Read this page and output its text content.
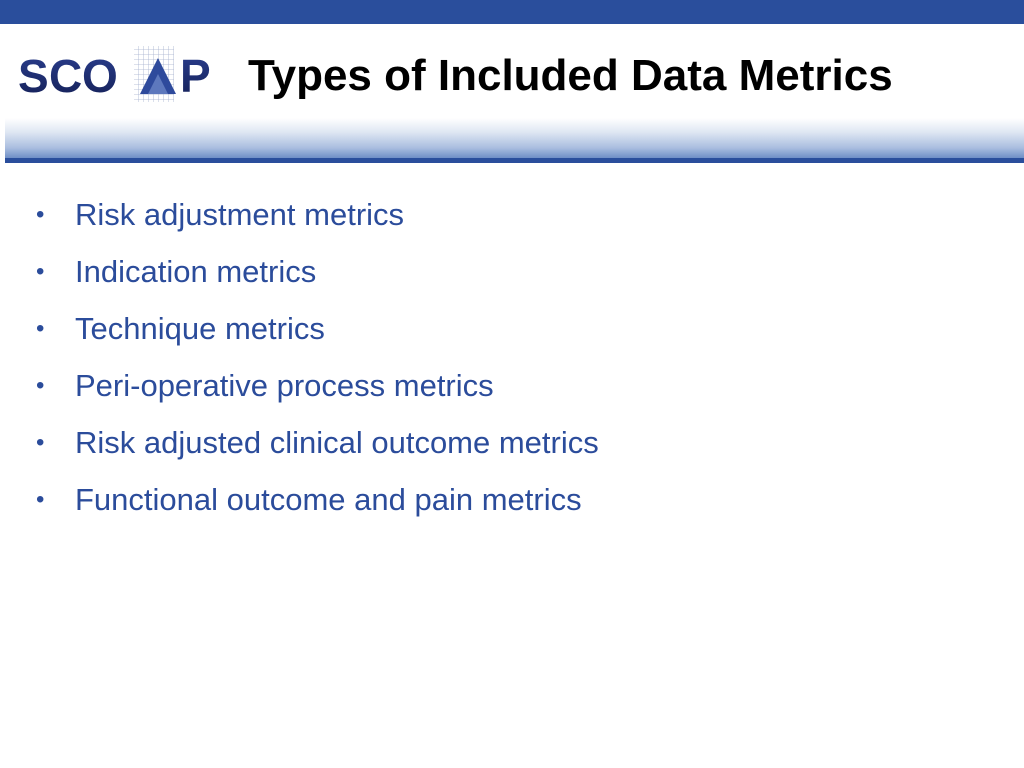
S C O P Types of Included Data Metrics
• Risk adjustment metrics
• Indication metrics
• Technique metrics
• Peri-operative process metrics
• Risk adjusted clinical outcome metrics
• Functional outcome and pain metrics
